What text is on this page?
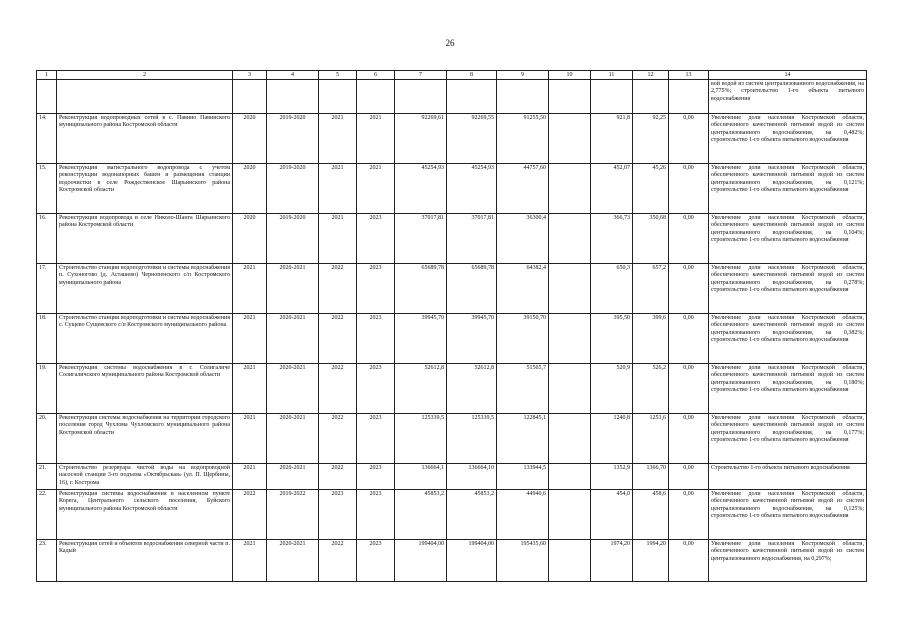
26
1	2	3	4	5	6	7	8	9	10	11	12	13	14
													вой водой из систем централизованного водоснабжения, на 2,775%; строительство 1-го объекта питьевого водоснабжения
14.	Реконструкция водопроводных сетей в с. Павино Павинского муниципального района Костромской области	2020	2019-2020	2021	2021	92269,61	92269,55	91255,50		921,8	92,25	0,00	Увеличение доли населения Костромской области, обеспеченного качественной питьевой водой из систем централизованного водоснабжения, на 0,482%; строительство 1-го объекта питьевого водоснабжения
15.	Реконструкция магистрального водопровода с учетом реконструкции водонапорных башен и размещения станции водоочистки в селе Рождественское Шарьинского района Костромской области	2020	2019-2020	2021	2021	45254,93	45254,93	44757,60		452,07	45,26	0,00	Увеличение доли населения Костромской области, обеспеченного качественной питьевой водой из систем централизованного водоснабжения, на 0,121%; строительство 1-го объекта питьевого водоснабжения
16.	Реконструкция водопровода в селе Николо-Шанга Шарьинского района Костромской области	2020	2019-2020	2021	2023	37017,81	37017,81	36300,4		366,73	350,68	0,00	Увеличение доли населения Костромской области, обеспеченного качественной питьевой водой из систем централизованного водоснабжения, на 0,104%; строительство 1-го объекта питьевого водоснабжения
17.	Строительство станции водоподготовки и системы водоснабжения п. Сухоногово (д. Асташево) Чернопенского с/п Костромского муниципального района	2021	2020-2021	2022	2023	65689,78	65689,78	64382,4		650,3	657,2	0,00	Увеличение доли населения Костромской области, обеспеченного качественной питьевой водой из систем централизованного водоснабжения, на 0,278%; строительство 1-го объекта питьевого водоснабжения
18.	Строительство станции водоподготовки и системы водоснабжения с. Сущево Сущевского с/п Костромского муниципального района	2021	2020-2021	2022	2023	39945,70	39945,70	39150,70		395,50	399,6	0,00	Увеличение доли населения Костромской области, обеспеченного качественной питьевой водой из систем централизованного водоснабжения, на 0,382%; строительство 1-го объекта питьевого водоснабжения
19.	Реконструкция системы водоснабжения в г. Солигаличе Солигаличского муниципального района Костромской области	2021	2020-2021	2022	2023	52612,8	52612,8	51565,7		520,9	526,2	0,00	Увеличение доли населения Костромской области, обеспеченного качественной питьевой водой из систем централизованного водоснабжения, на 0,180%; строительство 1-го объекта питьевого водоснабжения
20.	Реконструкция системы водоснабжения на территории городского поселения город Чухлома Чухломского муниципального района Костромской области	2021	2020-2021	2022	2023	125339,5	125339,5	122845,1		1240,8	1253,6	0,00	Увеличение доли населения Костромской области, обеспеченного качественной питьевой водой из систем централизованного водоснабжения, на 0,177%; строительство 1-го объекта питьевого водоснабжения
21.	Строительство резервуара чистой воды на водопроводной насосной станции 3-го подъема «Октябрьская» (ул. П. Щербины, 16), г. Кострома	2021	2020-2021	2022	2023	136664,1	136664,10	133944,5		1352,9	1366,70	0,00	Строительство 1-го объекта питьевого водоснабжения
22.	Реконструкция системы водоснабжения в населенном пункте Корега, Центрального сельского поселения, Буйского муниципального района Костромской области	2022	2019-2022	2023	2023	45853,2	45853,2	44940,6		454,0	458,6	0,00	Увеличение доли населения Костромской области, обеспеченного качественной питьевой водой из систем централизованного водоснабжения, на 0,125%; строительство 1-го объекта питьевого водоснабжения
23.	Реконструкция сетей и объектов водоснабжения северной части п. Кадый	2021	2020-2021	2022	2023	199404,00	199404,00	195435,60		1974,20	1994,20	0,00	Увеличение доли населения Костромской области, обеспеченного качественной питьевой водой из систем централизованного водоснабжения, на 0,297%;
